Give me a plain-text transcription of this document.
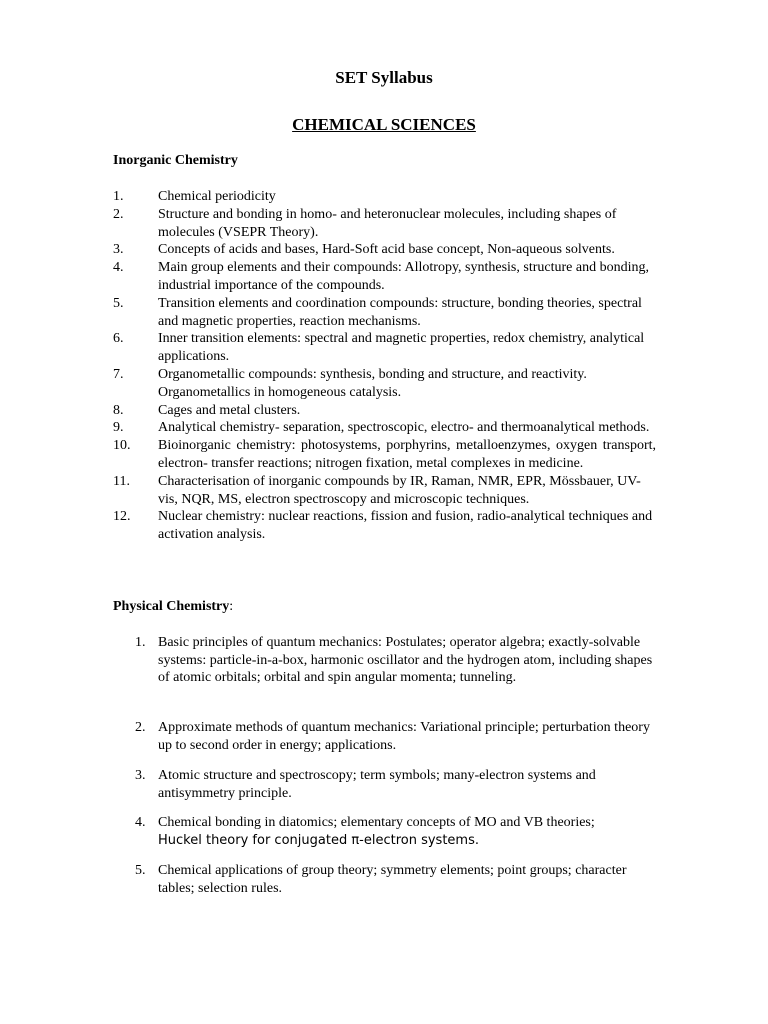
SET Syllabus
CHEMICAL SCIENCES
Inorganic Chemistry
1.	Chemical periodicity
2.	Structure and bonding in homo- and heteronuclear molecules, including shapes of molecules (VSEPR Theory).
3.	Concepts of acids and bases, Hard-Soft acid base concept, Non-aqueous solvents.
4.	Main group elements and their compounds: Allotropy, synthesis, structure and bonding, industrial importance of the compounds.
5.	Transition elements and coordination compounds: structure, bonding theories, spectral and magnetic properties, reaction mechanisms.
6.	Inner transition elements: spectral and magnetic properties, redox chemistry, analytical applications.
7.	Organometallic compounds: synthesis, bonding and structure, and reactivity. Organometallics in homogeneous catalysis.
8.	Cages and metal clusters.
9.	Analytical chemistry- separation, spectroscopic, electro- and thermoanalytical methods.
10.	Bioinorganic chemistry: photosystems, porphyrins, metalloenzymes, oxygen transport, electron- transfer reactions; nitrogen fixation, metal complexes in medicine.
11.	Characterisation of inorganic compounds by IR, Raman, NMR, EPR, Mössbauer, UV-vis, NQR, MS, electron spectroscopy and microscopic techniques.
12.	Nuclear chemistry: nuclear reactions, fission and fusion, radio-analytical techniques and activation analysis.
Physical Chemistry:
1. Basic principles of quantum mechanics: Postulates; operator algebra; exactly-solvable systems: particle-in-a-box, harmonic oscillator and the hydrogen atom, including shapes of atomic orbitals; orbital and spin angular momenta; tunneling.
2. Approximate methods of quantum mechanics: Variational principle; perturbation theory up to second order in energy; applications.
3. Atomic structure and spectroscopy; term symbols; many-electron systems and antisymmetry principle.
4. Chemical bonding in diatomics; elementary concepts of MO and VB theories;
Huckel theory for conjugated π-electron systems.
5. Chemical applications of group theory; symmetry elements; point groups; character tables; selection rules.
